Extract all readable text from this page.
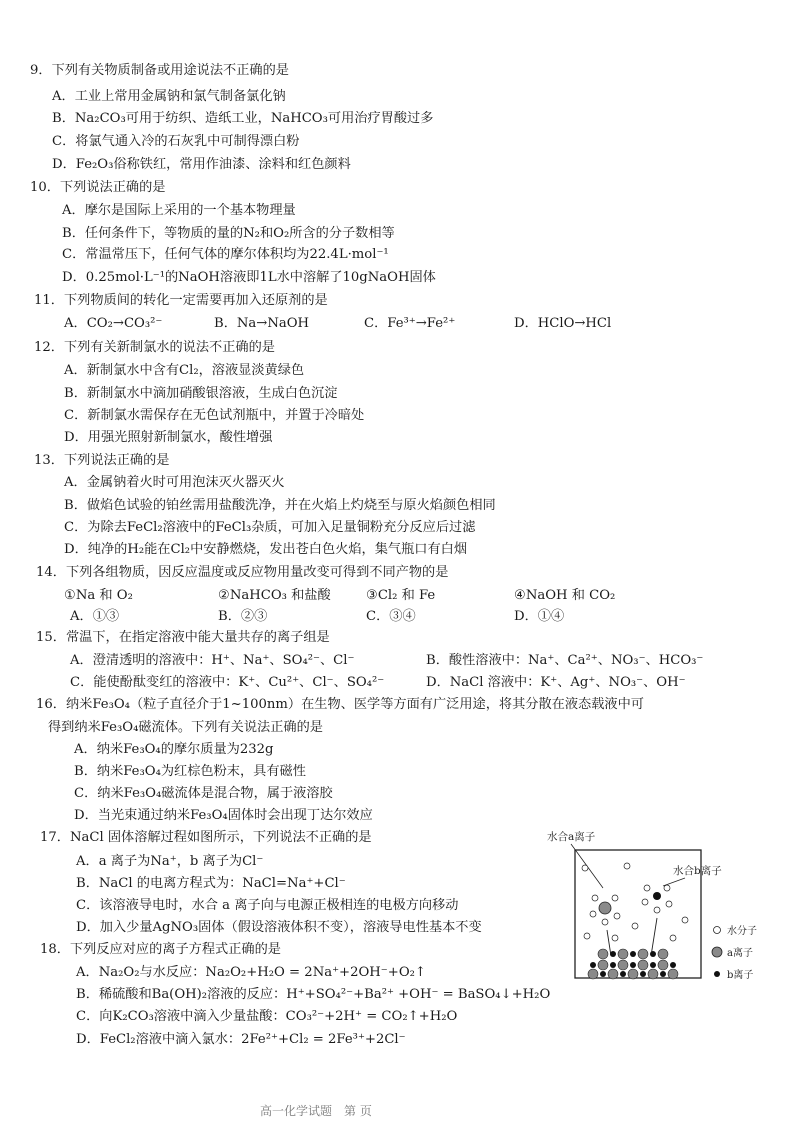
9．下列有关物质制备或用途说法不正确的是
A．工业上常用金属钠和氯气制备氯化钠
B．Na₂CO₃可用于纺织、造纸工业，NaHCO₃可用治疗胃酸过多
C．将氯气通入冷的石灰乳中可制得漂白粉
D．Fe₂O₃俗称铁红，常用作油漆、涂料和红色颜料
10．下列说法正确的是
A．摩尔是国际上采用的一个基本物理量
B．任何条件下，等物质的量的N₂和O₂所含的分子数相等
C．常温常压下，任何气体的摩尔体积均为22.4L·mol⁻¹
D．0.25mol·L⁻¹的NaOH溶液即1L水中溶解了10gNaOH固体
11．下列物质间的转化一定需要再加入还原剂的是
A．CO₂→CO₃²⁻	B．Na→NaOH	C．Fe³⁺→Fe²⁺	D．HClO→HCl
12．下列有关新制氯水的说法不正确的是
A．新制氯水中含有Cl₂，溶液显淡黄绿色
B．新制氯水中滴加硝酸银溶液，生成白色沉淀
C．新制氯水需保存在无色试剂瓶中，并置于冷暗处
D．用强光照射新制氯水，酸性增强
13．下列说法正确的是
A．金属钠着火时可用泡沫灭火器灭火
B．做焰色试验的铂丝需用盐酸洗净，并在火焰上灼烧至与原火焰颜色相同
C．为除去FeCl₂溶液中的FeCl₃杂质，可加入足量铜粉充分反应后过滤
D．纯净的H₂能在Cl₂中安静燃烧，发出苍白色火焰，集气瓶口有白烟
14．下列各组物质，因反应温度或反应物用量改变可得到不同产物的是
①Na 和 O₂	②NaHCO₃ 和盐酸	③Cl₂ 和 Fe	④NaOH 和 CO₂
A．①③	B．②③	C．③④	D．①④
15．常温下，在指定溶液中能大量共存的离子组是
A．澄清透明的溶液中：H⁺、Na⁺、SO₄²⁻、Cl⁻	B．酸性溶液中：Na⁺、Ca²⁺、NO₃⁻、HCO₃⁻
C．能使酚酞变红的溶液中：K⁺、Cu²⁺、Cl⁻、SO₄²⁻	D．NaCl 溶液中：K⁺、Ag⁺、NO₃⁻、OH⁻
16．纳米Fe₃O₄（粒子直径介于1~100nm）在生物、医学等方面有广泛用途，将其分散在液态载液中可
得到纳米Fe₃O₄磁流体。下列有关说法正确的是
A．纳米Fe₃O₄的摩尔质量为232g
B．纳米Fe₃O₄为红棕色粉末，具有磁性
C．纳米Fe₃O₄磁流体是混合物，属于液溶胶
D．当光束通过纳米Fe₃O₄固体时会出现丁达尔效应
17．NaCl 固体溶解过程如图所示，下列说法不正确的是
A．a 离子为Na⁺，b 离子为Cl⁻
B．NaCl 的电离方程式为：NaCl=Na⁺+Cl⁻
C．该溶液导电时，水合 a 离子向与电源正极相连的电极方向移动
D．加入少量AgNO₃固体（假设溶液体积不变），溶液导电性基本不变
18．下列反应对应的离子方程式正确的是
A．Na₂O₂与水反应：Na₂O₂+H₂O = 2Na⁺+2OH⁻+O₂↑
B．稀硫酸和Ba(OH)₂溶液的反应：H⁺+SO₄²⁻+Ba²⁺ +OH⁻ = BaSO₄↓+H₂O
C．向K₂CO₃溶液中滴入少量盐酸：CO₃²⁻+2H⁺ = CO₂↑+H₂O
D．FeCl₂溶液中滴入氯水：2Fe²⁺+Cl₂ = 2Fe³⁺+2Cl⁻
水合a离子
水合b离子
水分子
a离子
b离子
高一化学试题　第 页
